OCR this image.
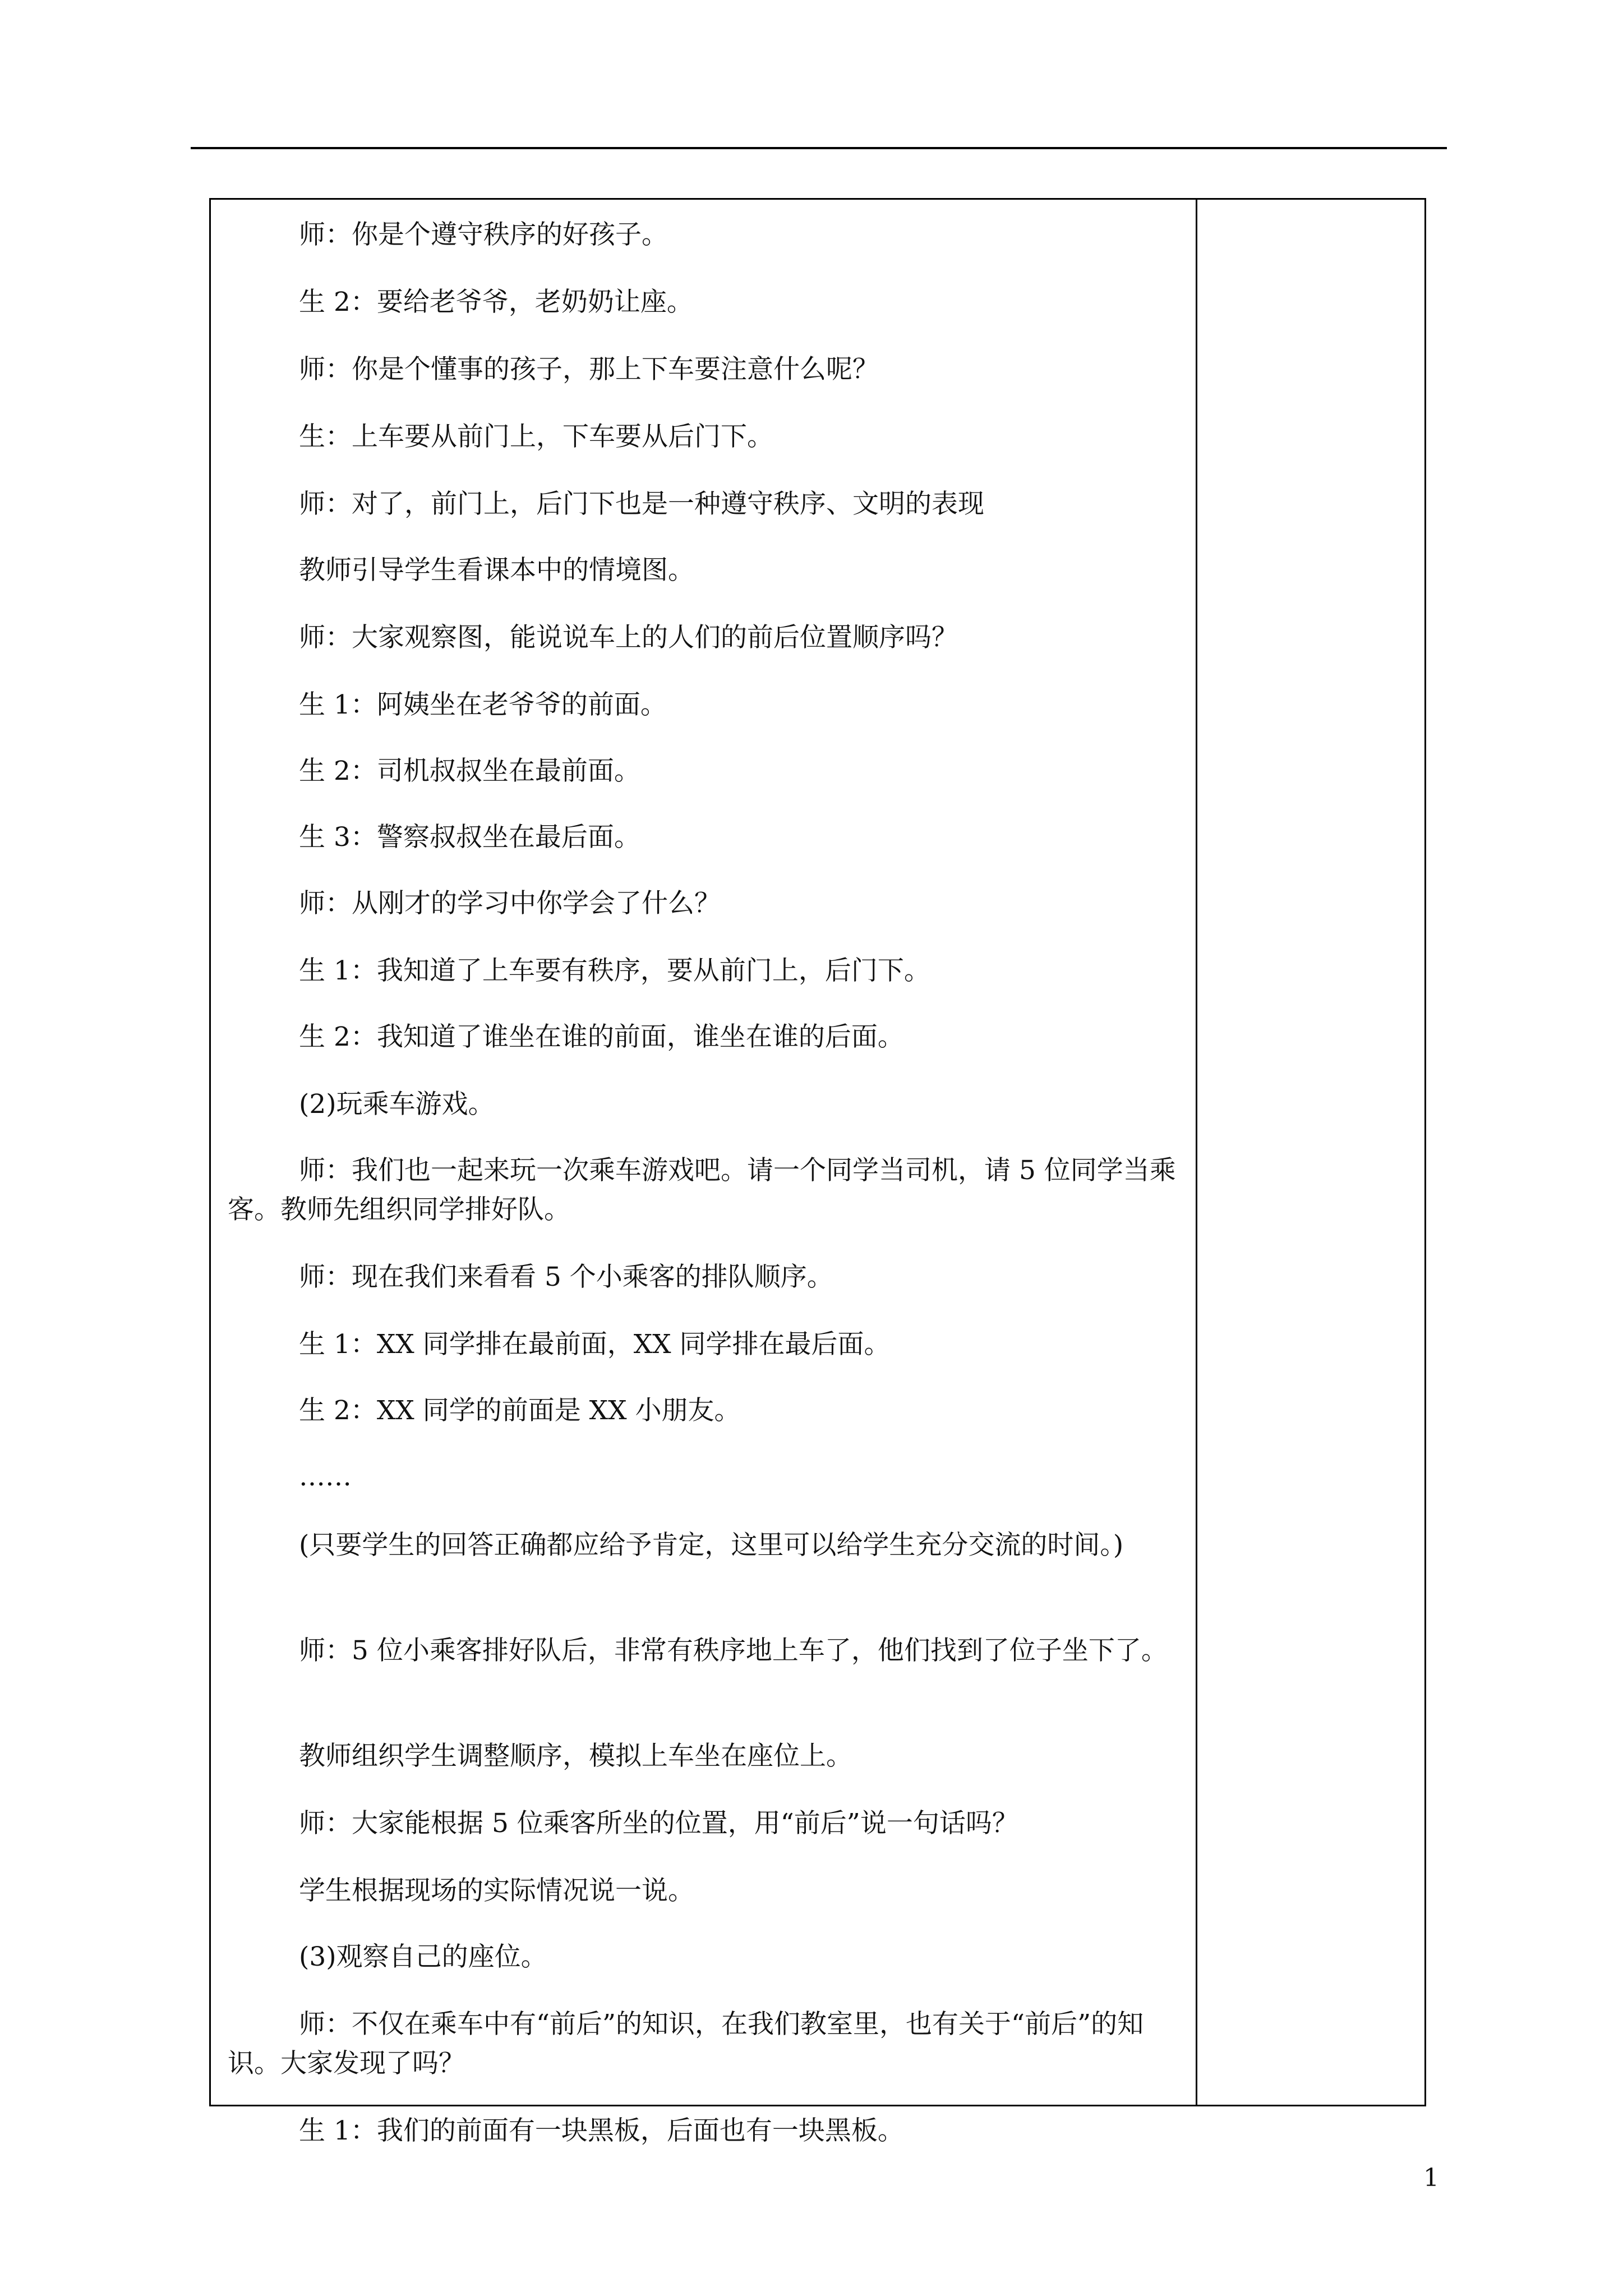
师：你是个遵守秩序的好孩子。

生 2：要给老爷爷，老奶奶让座。

师：你是个懂事的孩子，那上下车要注意什么呢？

生：上车要从前门上，下车要从后门下。

师：对了，前门上，后门下也是一种遵守秩序、文明的表现

教师引导学生看课本中的情境图。

师：大家观察图，能说说车上的人们的前后位置顺序吗？

生 1：阿姨坐在老爷爷的前面。

生 2：司机叔叔坐在最前面。

生 3：警察叔叔坐在最后面。

师：从刚才的学习中你学会了什么？

生 1：我知道了上车要有秩序，要从前门上，后门下。

生 2：我知道了谁坐在谁的前面，谁坐在谁的后面。

(2)玩乘车游戏。

师：我们也一起来玩一次乘车游戏吧。请一个同学当司机，请 5 位同学当乘客。教师先组织同学排好队。

师：现在我们来看看 5 个小乘客的排队顺序。

生 1：XX 同学排在最前面，XX 同学排在最后面。

生 2：XX 同学的前面是 XX 小朋友。

……

(只要学生的回答正确都应给予肯定，这里可以给学生充分交流的时间。)

师：5 位小乘客排好队后，非常有秩序地上车了，他们找到了位子坐下了。

教师组织学生调整顺序，模拟上车坐在座位上。

师：大家能根据 5 位乘客所坐的位置，用“前后”说一句话吗？

学生根据现场的实际情况说一说。

(3)观察自己的座位。

师：不仅在乘车中有“前后”的知识，在我们教室里，也有关于“前后”的知识。大家发现了吗？

生 1：我们的前面有一块黑板，后面也有一块黑板。

1
